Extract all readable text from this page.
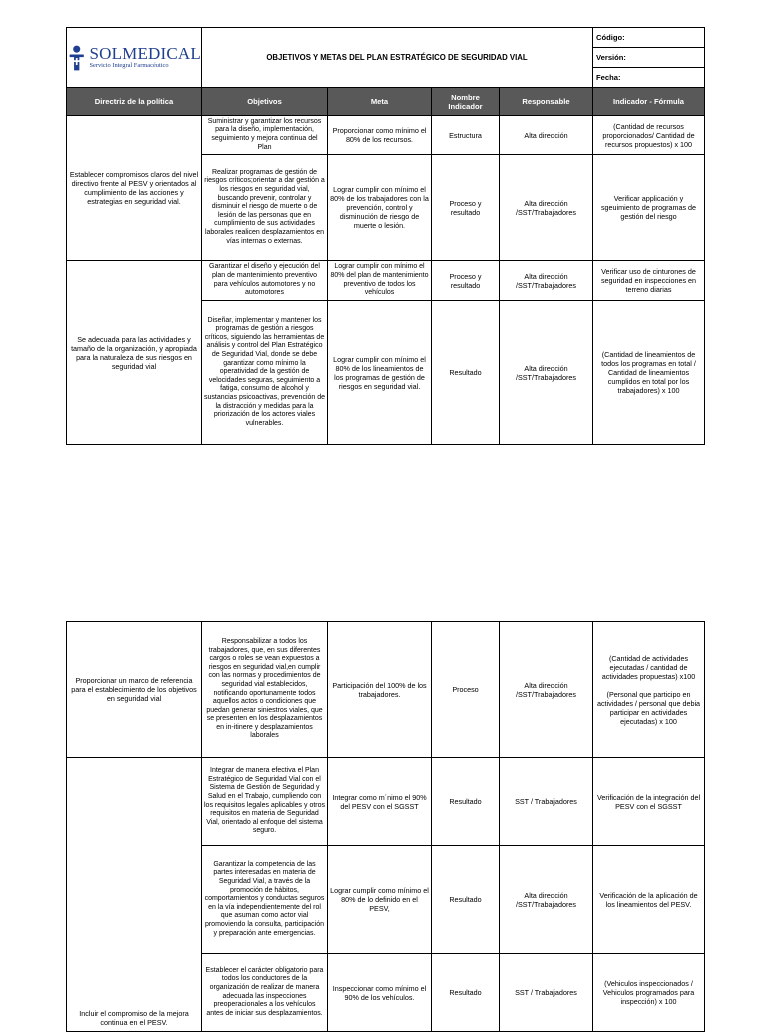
SOLMEDICAL
Servicio Integral Farmacéutico	OBJETIVOS Y METAS DEL PLAN ESTRATÉGICO DE SEGURIDAD VIAL				Código:
					Versión:
					Fecha:
Directriz de la política	Objetivos	Meta	Nombre Indicador	Responsable	Indicador - Fórmula
Establecer compromisos claros del nivel directivo frente al PESV y orientados al cumplimiento de las acciones y estrategias en seguridad vial.	Suministrar y garantizar los recursos para la diseño, implementación, seguimiento y mejora continua del Plan	Proporcionar como mínimo el 80% de los recursos.	Estructura	Alta dirección	(Cantidad de recursos proporcionados/ Cantidad de recursos propuestos) x 100
	Realizar programas de gestión de riesgos críticos;orientar a dar gestión a los riesgos en seguridad vial, buscando prevenir, controlar y disminuir el riesgo de muerte o de lesión de las personas que en cumplimiento de sus actividades laborales realicen desplazamientos en vías internas o externas.	Lograr cumplir con mínimo el 80% de los trabajadores con la prevención, control y disminución de riesgo de muerte o lesión.	Proceso y resultado	Alta dirección /SST/Trabajadores	Verificar applicación y sgeuimiento de programas de gestión del riesgo
Se adecuada para las actividades y tamaño de la organización, y apropiada para la naturaleza de sus riesgos en seguridad vial	Garantizar el diseño y ejecución del plan de mantenimiento preventivo para vehículos automotores y no automotores	Lograr cumplir con mínimo el 80% del plan de mantenimiento preventivo de todos los vehículos	Proceso y resultado	Alta dirección /SST/Trabajadores	Verificar uso de cinturones de seguridad en inspecciones en terreno diarias
	Diseñar, implementar y mantener los programas de gestión a riesgos críticos, siguiendo las herramientas de análisis y control del Plan Estratégico de Seguridad Vial, donde se debe garantizar como mínimo la operatividad de la gestión de velocidades seguras, seguimiento a fatiga, consumo de alcohol y sustancias psicoactivas, prevención de la distracción y medidas para la priorización de los actores viales vulnerables.	Lograr cumplir con mínimo el 80% de los lineamientos de los programas de gestión de riesgos en seguridad vial.	Resultado	Alta dirección /SST/Trabajadores	(Cantidad de lineamientos de todos los programas en total / Cantidad de lineamientos cumplidos en total por los trabajadores) x 100
Proporcionar un marco de referencia para el establecimiento de los objetivos en seguridad vial	Responsabilizar a todos los trabajadores, que, en sus diferentes cargos o roles se vean expuestos a riesgos en seguridad vial,en cumplir con las normas y procedimientos de seguridad vial establecidos, notificando oportunamente todos aquellos actos o condiciones que puedan generar siniestros viales, que se presenten en los desplazamientos en in-itinere y desplazamientos laborales	Participación del 100% de los trabajadores.	Proceso	Alta dirección /SST/Trabajadores	(Cantidad de actividades ejecutadas / cantidad de actividades propuestas) x100
(Personal que participo en actividades / personal que debia participar en actividades ejecutadas) x 100
Incluir el compromiso de la mejora continua en el PESV.	Integrar de manera efectiva el Plan Estratégico de Seguridad Vial con el Sistema de Gestión de Seguridad y Salud en el Trabajo, cumpliendo con los requisitos legales aplicables y otros requisitos en materia de Seguridad Vial, orientado al enfoque del sistema seguro.	Integrar como m´nimo el 90% del PESV con el SGSST	Resultado	SST / Trabajadores	Verificación de la integración del PESV con el SGSST
	Garantizar la competencia de las partes interesadas en materia de Seguridad Vial, a través de la promoción de hábitos, comportamientos y conductas seguros en la vía independientemente del rol que asuman como actor vial promoviendo la consulta, participación y preparación ante emergencias.	Lograr cumplir como mínimo el 80% de lo definido en el PESV,	Resultado	Alta dirección /SST/Trabajadores	Verificación de la aplicación de los lineamientos del PESV.
	Establecer el carácter obligatorio para todos los conductores de la organización de realizar de manera adecuada las inspecciones preoperacionales a los vehículos antes de iniciar sus desplazamientos.	Inspeccionar como mínimo el 90% de los vehículos.	Resultado	SST / Trabajadores	(Vehiculos inspeccionados / Vehiculos programados para inspección) x 100
